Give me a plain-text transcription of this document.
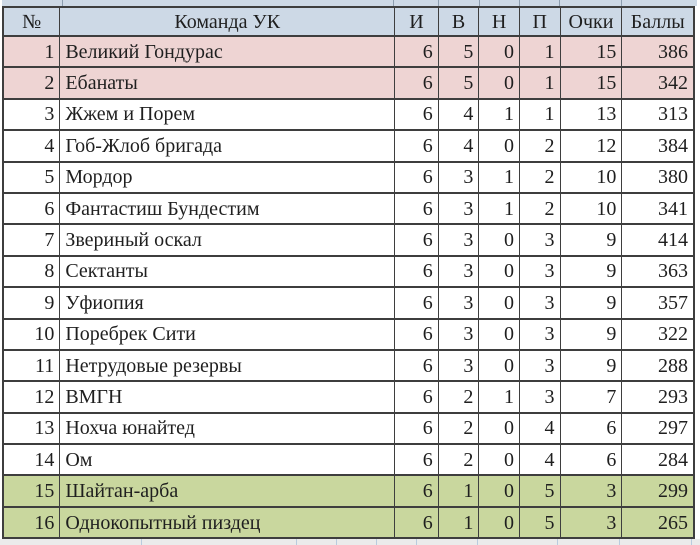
№	Команда УК	И	В	Н	П	Очки	Баллы
1	Великий Гондурас	6	5	0	1	15	386
2	Ебанаты	6	5	0	1	15	342
3	Жжем и Порем	6	4	1	1	13	313
4	Гоб-Жлоб бригада	6	4	0	2	12	384
5	Мордор	6	3	1	2	10	380
6	Фантастиш Бундестим	6	3	1	2	10	341
7	Звериный оскал	6	3	0	3	9	414
8	Сектанты	6	3	0	3	9	363
9	Уфиопия	6	3	0	3	9	357
10	Поребрек Сити	6	3	0	3	9	322
11	Нетрудовые резервы	6	3	0	3	9	288
12	ВМГН	6	2	1	3	7	293
13	Нохча юнайтед	6	2	0	4	6	297
14	Ом	6	2	0	4	6	284
15	Шайтан-арба	6	1	0	5	3	299
16	Однокопытный пиздец	6	1	0	5	3	265
